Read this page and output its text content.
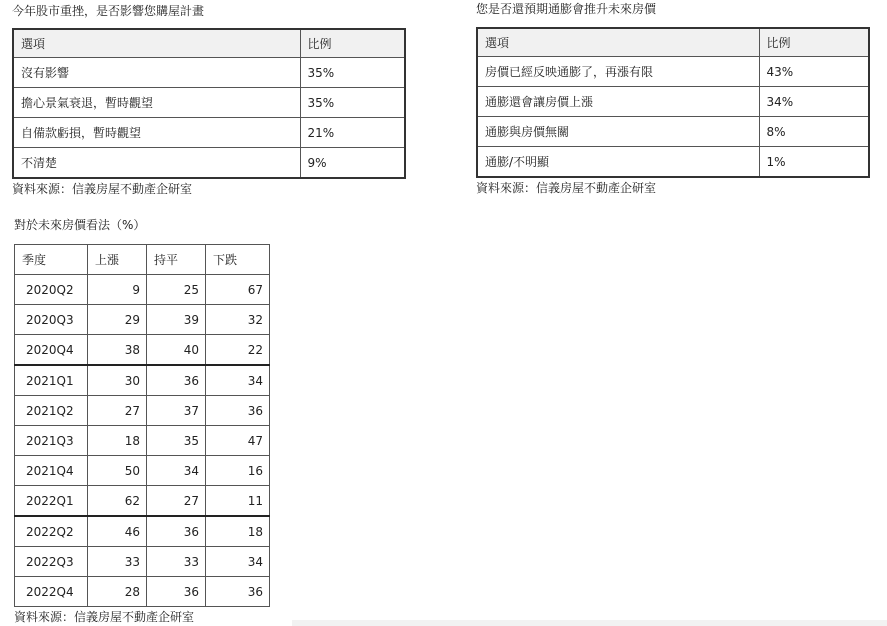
今年股市重挫，是否影響您購屋計畫
選項	比例
沒有影響	35%
擔心景氣衰退，暫時觀望	35%
自備款虧損，暫時觀望	21%
不清楚	9%
資料來源：信義房屋不動產企研室
您是否還預期通膨會推升未來房價
選項	比例
房價已經反映通膨了，再漲有限	43%
通膨還會讓房價上漲	34%
通膨與房價無關	8%
通膨/不明顯	1%
資料來源：信義房屋不動產企研室
對於未來房價看法（%）
季度	上漲	持平	下跌
2020Q2	9	25	67
2020Q3	29	39	32
2020Q4	38	40	22
2021Q1	30	36	34
2021Q2	27	37	36
2021Q3	18	35	47
2021Q4	50	34	16
2022Q1	62	27	11
2022Q2	46	36	18
2022Q3	33	33	34
2022Q4	28	36	36
資料來源：信義房屋不動產企研室
